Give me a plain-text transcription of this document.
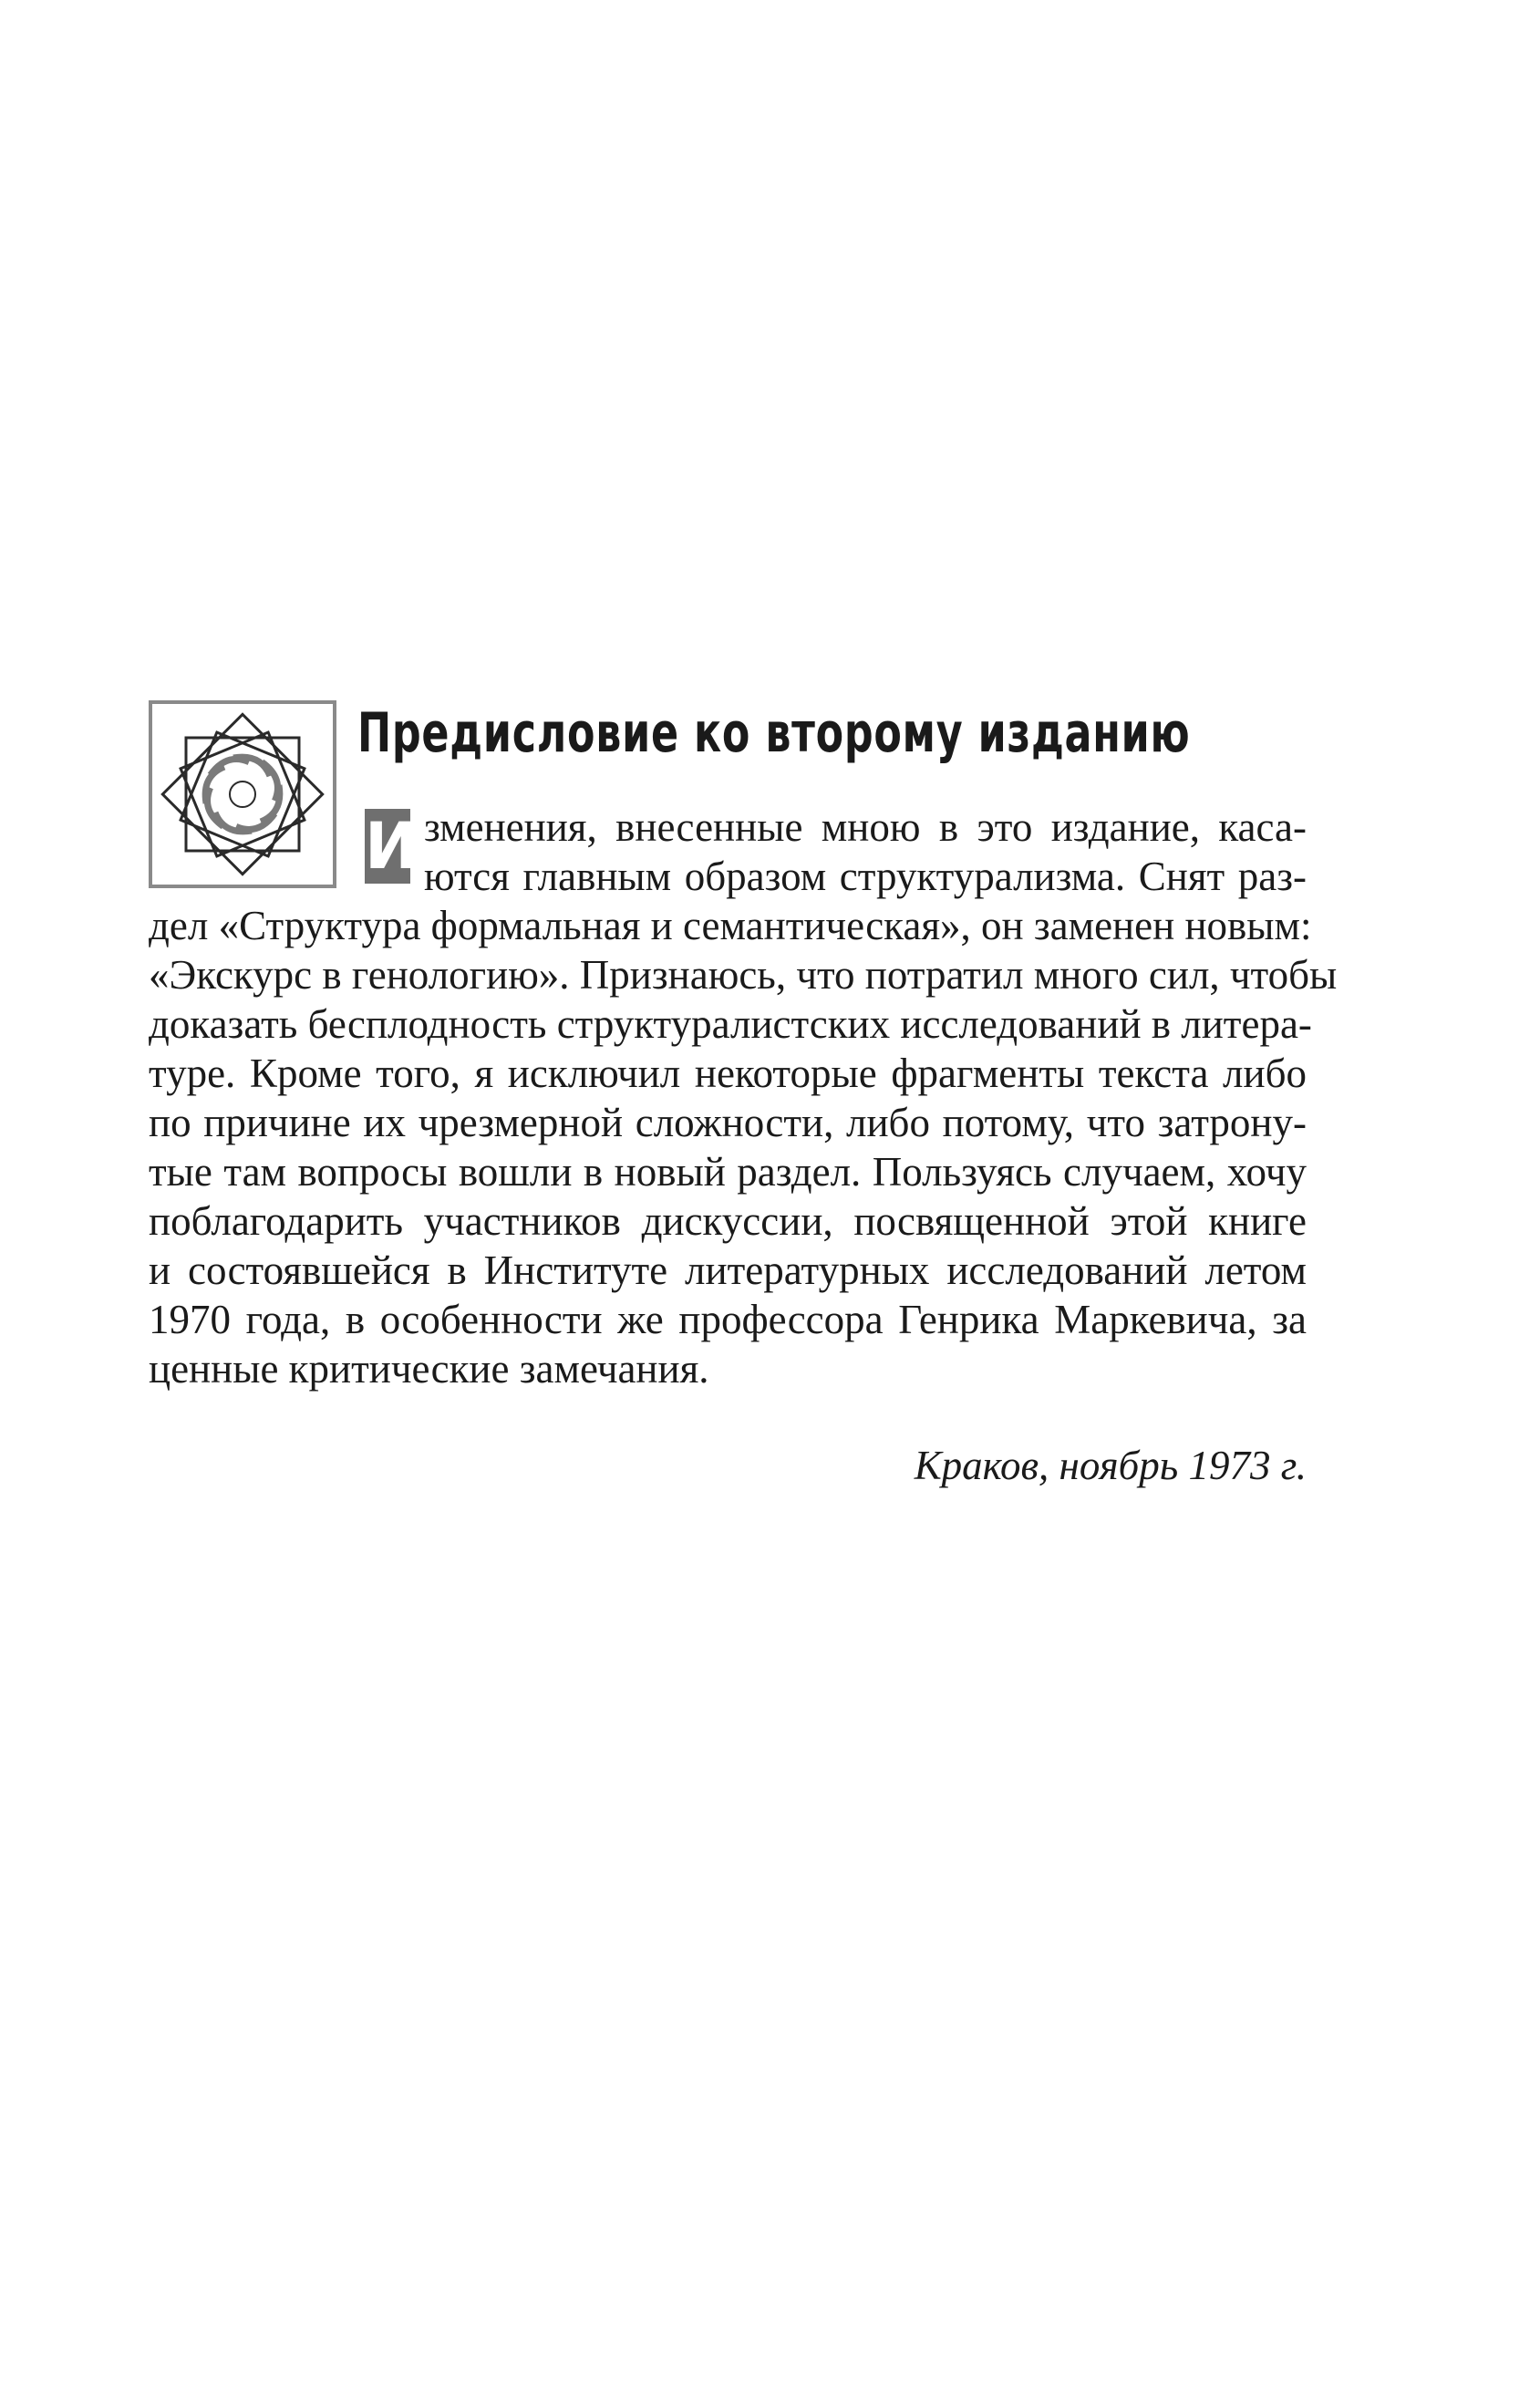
Предисловие ко второму изданию
И зменения, внесенные мною в это издание, каса-
ются главным образом структурализма. Снят раз-
дел «Структура формальная и семантическая», он заменен новым:
«Экскурс в генологию». Признаюсь, что потратил много сил, чтобы
доказать бесплодность структуралистских исследований в литера-
туре. Кроме того, я исключил некоторые фрагменты текста либо
по причине их чрезмерной сложности, либо потому, что затрону-
тые там вопросы вошли в новый раздел. Пользуясь случаем, хочу
поблагодарить участников дискуссии, посвященной этой книге
и состоявшейся в Институте литературных исследований летом
1970 года, в особенности же профессора Генрика Маркевича, за
ценные критические замечания.
Краков, ноябрь 1973 г.
